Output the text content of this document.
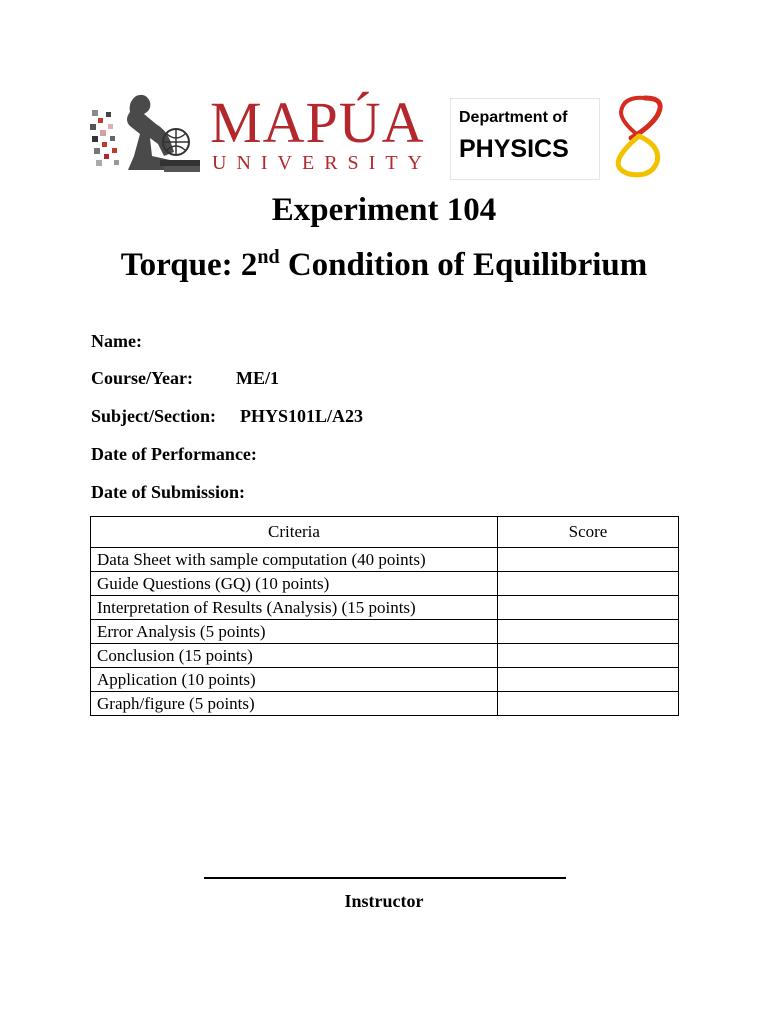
MAPÚA
UNIVERSITY
Department of
PHYSICS
Experiment 104
Torque: 2nd Condition of Equilibrium
Name:
Course/Year: ME/1
Subject/Section: PHYS101L/A23
Date of Performance:
Date of Submission:
Criteria	Score
Data Sheet with sample computation (40 points)	
Guide Questions (GQ) (10 points)	
Interpretation of Results (Analysis) (15 points)	
Error Analysis (5 points)	
Conclusion (15 points)	
Application (10 points)	
Graph/figure (5 points)	
Instructor
